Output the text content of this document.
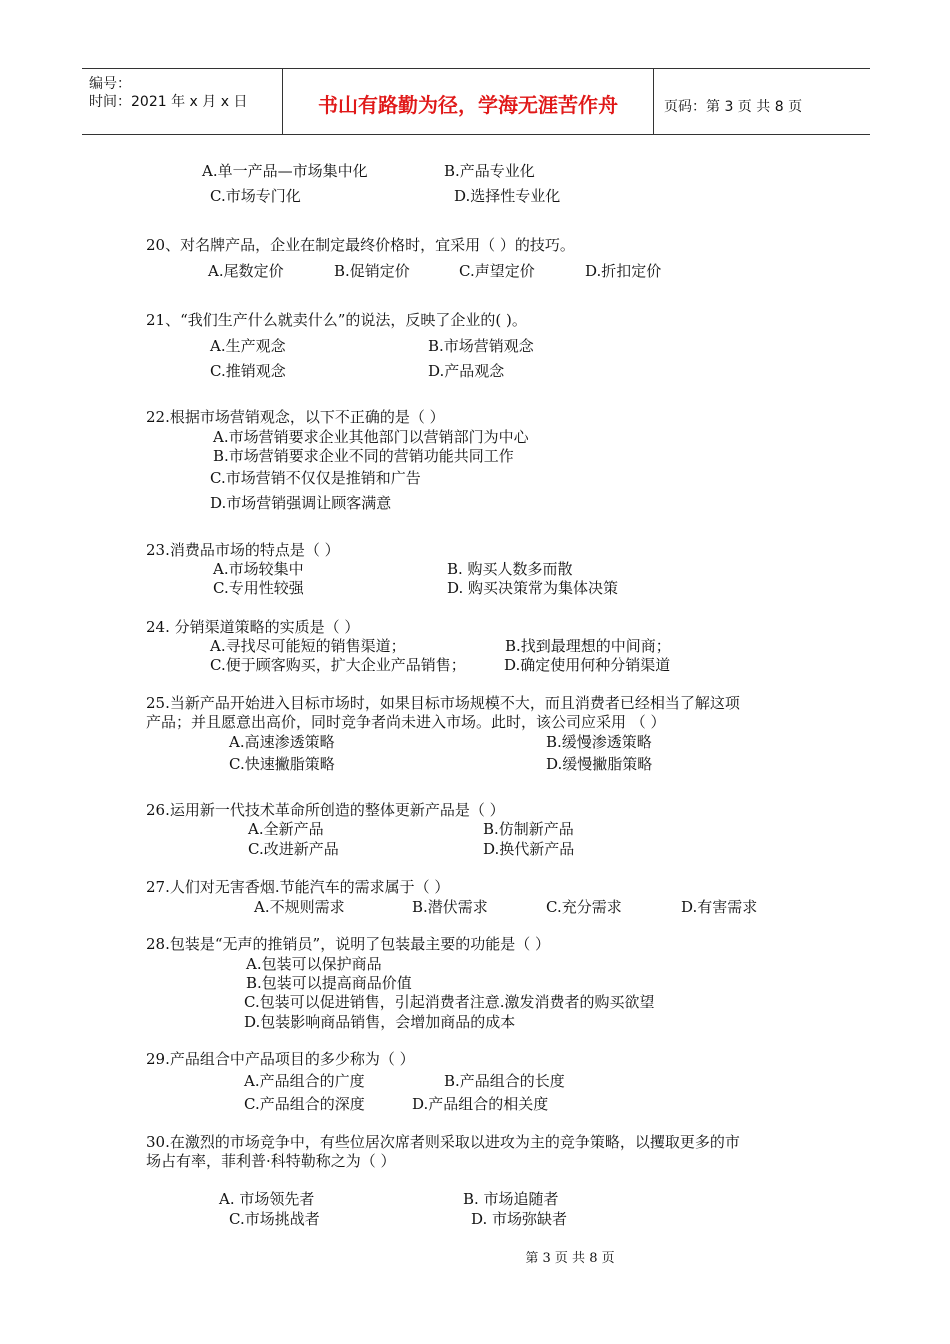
编号：
时间：2021 年 x 月 x 日	书山有路勤为径，学海无涯苦作舟	页码：第 3 页 共 8 页
A.单一产品—市场集中化	B.产品专业化
C.市场专门化	D.选择性专业化
20、对名牌产品，企业在制定最终价格时，宜采用（ ）的技巧。
A.尾数定价	B.促销定价	C.声望定价	D.折扣定价
21、“我们生产什么就卖什么”的说法，反映了企业的( )。
A.生产观念	B.市场营销观念
C.推销观念	D.产品观念
22.根据市场营销观念，以下不正确的是（ ）
A.市场营销要求企业其他部门以营销部门为中心
B.市场营销要求企业不同的营销功能共同工作
C.市场营销不仅仅是推销和广告
D.市场营销强调让顾客满意
23.消费品市场的特点是（ ）
A.市场较集中	B. 购买人数多而散
C.专用性较强	D. 购买决策常为集体决策
24. 分销渠道策略的实质是（ ）
A.寻找尽可能短的销售渠道；	B.找到最理想的中间商；
C.便于顾客购买，扩大企业产品销售；	D.确定使用何种分销渠道
25.当新产品开始进入目标市场时，如果目标市场规模不大，而且消费者已经相当了解这项
产品；并且愿意出高价，同时竞争者尚未进入市场。此时，该公司应采用 （ ）
A.高速渗透策略	B.缓慢渗透策略
C.快速撇脂策略	D.缓慢撇脂策略
26.运用新一代技术革命所创造的整体更新产品是（ ）
A.全新产品	B.仿制新产品
C.改进新产品	D.换代新产品
27.人们对无害香烟.节能汽车的需求属于（ ）
A.不规则需求	B.潜伏需求	C.充分需求	D.有害需求
28.包装是“无声的推销员”，说明了包装最主要的功能是（ ）
A.包装可以保护商品
B.包装可以提高商品价值
C.包装可以促进销售，引起消费者注意.激发消费者的购买欲望
D.包装影响商品销售，会增加商品的成本
29.产品组合中产品项目的多少称为（ ）
A.产品组合的广度	B.产品组合的长度
C.产品组合的深度	D.产品组合的相关度
30.在激烈的市场竞争中，有些位居次席者则采取以进攻为主的竞争策略，以攫取更多的市
场占有率，菲利普·科特勒称之为（ ）
A. 市场领先者	B. 市场追随者
C.市场挑战者	D. 市场弥缺者
第 3 页 共 8 页
